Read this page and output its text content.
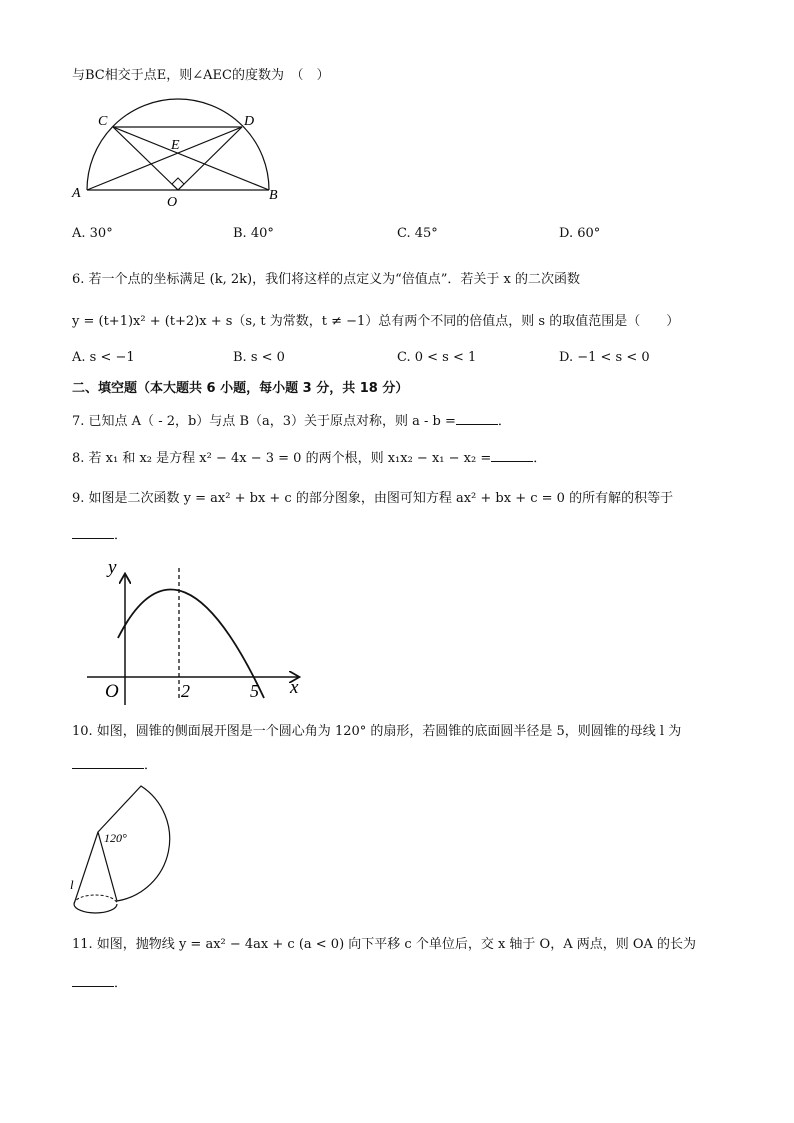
与BC相交于点E，则∠AEC的度数为　（　）
C	D
E
A	B
O
A. 30°	B. 40°	C. 45°	D. 60°
6. 若一个点的坐标满足 (k, 2k)，我们将这样的点定义为“倍值点”．若关于 x 的二次函数
y = (t+1)x² + (t+2)x + s（s, t 为常数，t ≠ −1）总有两个不同的倍值点，则 s 的取值范围是（　　）
A. s < −1	B. s < 0	C. 0 < s < 1	D. −1 < s < 0
二、填空题（本大题共 6 小题，每小题 3 分，共 18 分）
7. 已知点 A（ - 2，b）与点 B（a，3）关于原点对称，则 a - b =	．
8. 若 x₁ 和 x₂ 是方程 x² − 4x − 3 = 0 的两个根，则 x₁x₂ − x₁ − x₂ =	．
9. 如图是二次函数 y = ax² + bx + c 的部分图象，由图可知方程 ax² + bx + c = 0 的所有解的积等于
．
y
x
O	2	5
10. 如图，圆锥的侧面展开图是一个圆心角为 120° 的扇形，若圆锥的底面圆半径是 5，则圆锥的母线 l 为
．
120°
l
11. 如图，抛物线 y = ax² − 4ax + c (a < 0) 向下平移 c 个单位后，交 x 轴于 O，A 两点，则 OA 的长为
．
